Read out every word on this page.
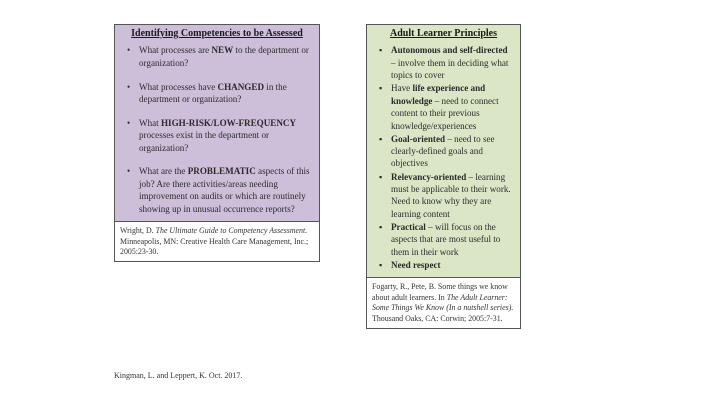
Identifying Competencies to be Assessed
• What processes are NEW to the department or organization?
• What processes have CHANGED in the department or organization?
• What HIGH-RISK/LOW-FREQUENCY processes exist in the department or organization?
• What are the PROBLEMATIC aspects of this job? Are there activities/areas needing improvement on audits or which are routinely showing up in unusual occurrence reports?
Wright, D. The Ultimate Guide to Competency Assessment. Minneapolis, MN: Creative Health Care Management, Inc.; 2005:23-30.
Adult Learner Principles
▪ Autonomous and self-directed – involve them in deciding what topics to cover
▪ Have life experience and knowledge – need to connect content to their previous knowledge/experiences
▪ Goal-oriented – need to see clearly-defined goals and objectives
▪ Relevancy-oriented – learning must be applicable to their work. Need to know why they are learning content
▪ Practical – will focus on the aspects that are most useful to them in their work
▪ Need respect
Fogarty, R., Pete, B. Some things we know about adult learners. In The Adult Learner: Some Things We Know (In a nutshell series). Thousand Oaks, CA: Corwin; 2005:7-31.
Kingman, L. and Leppert, K. Oct. 2017.
